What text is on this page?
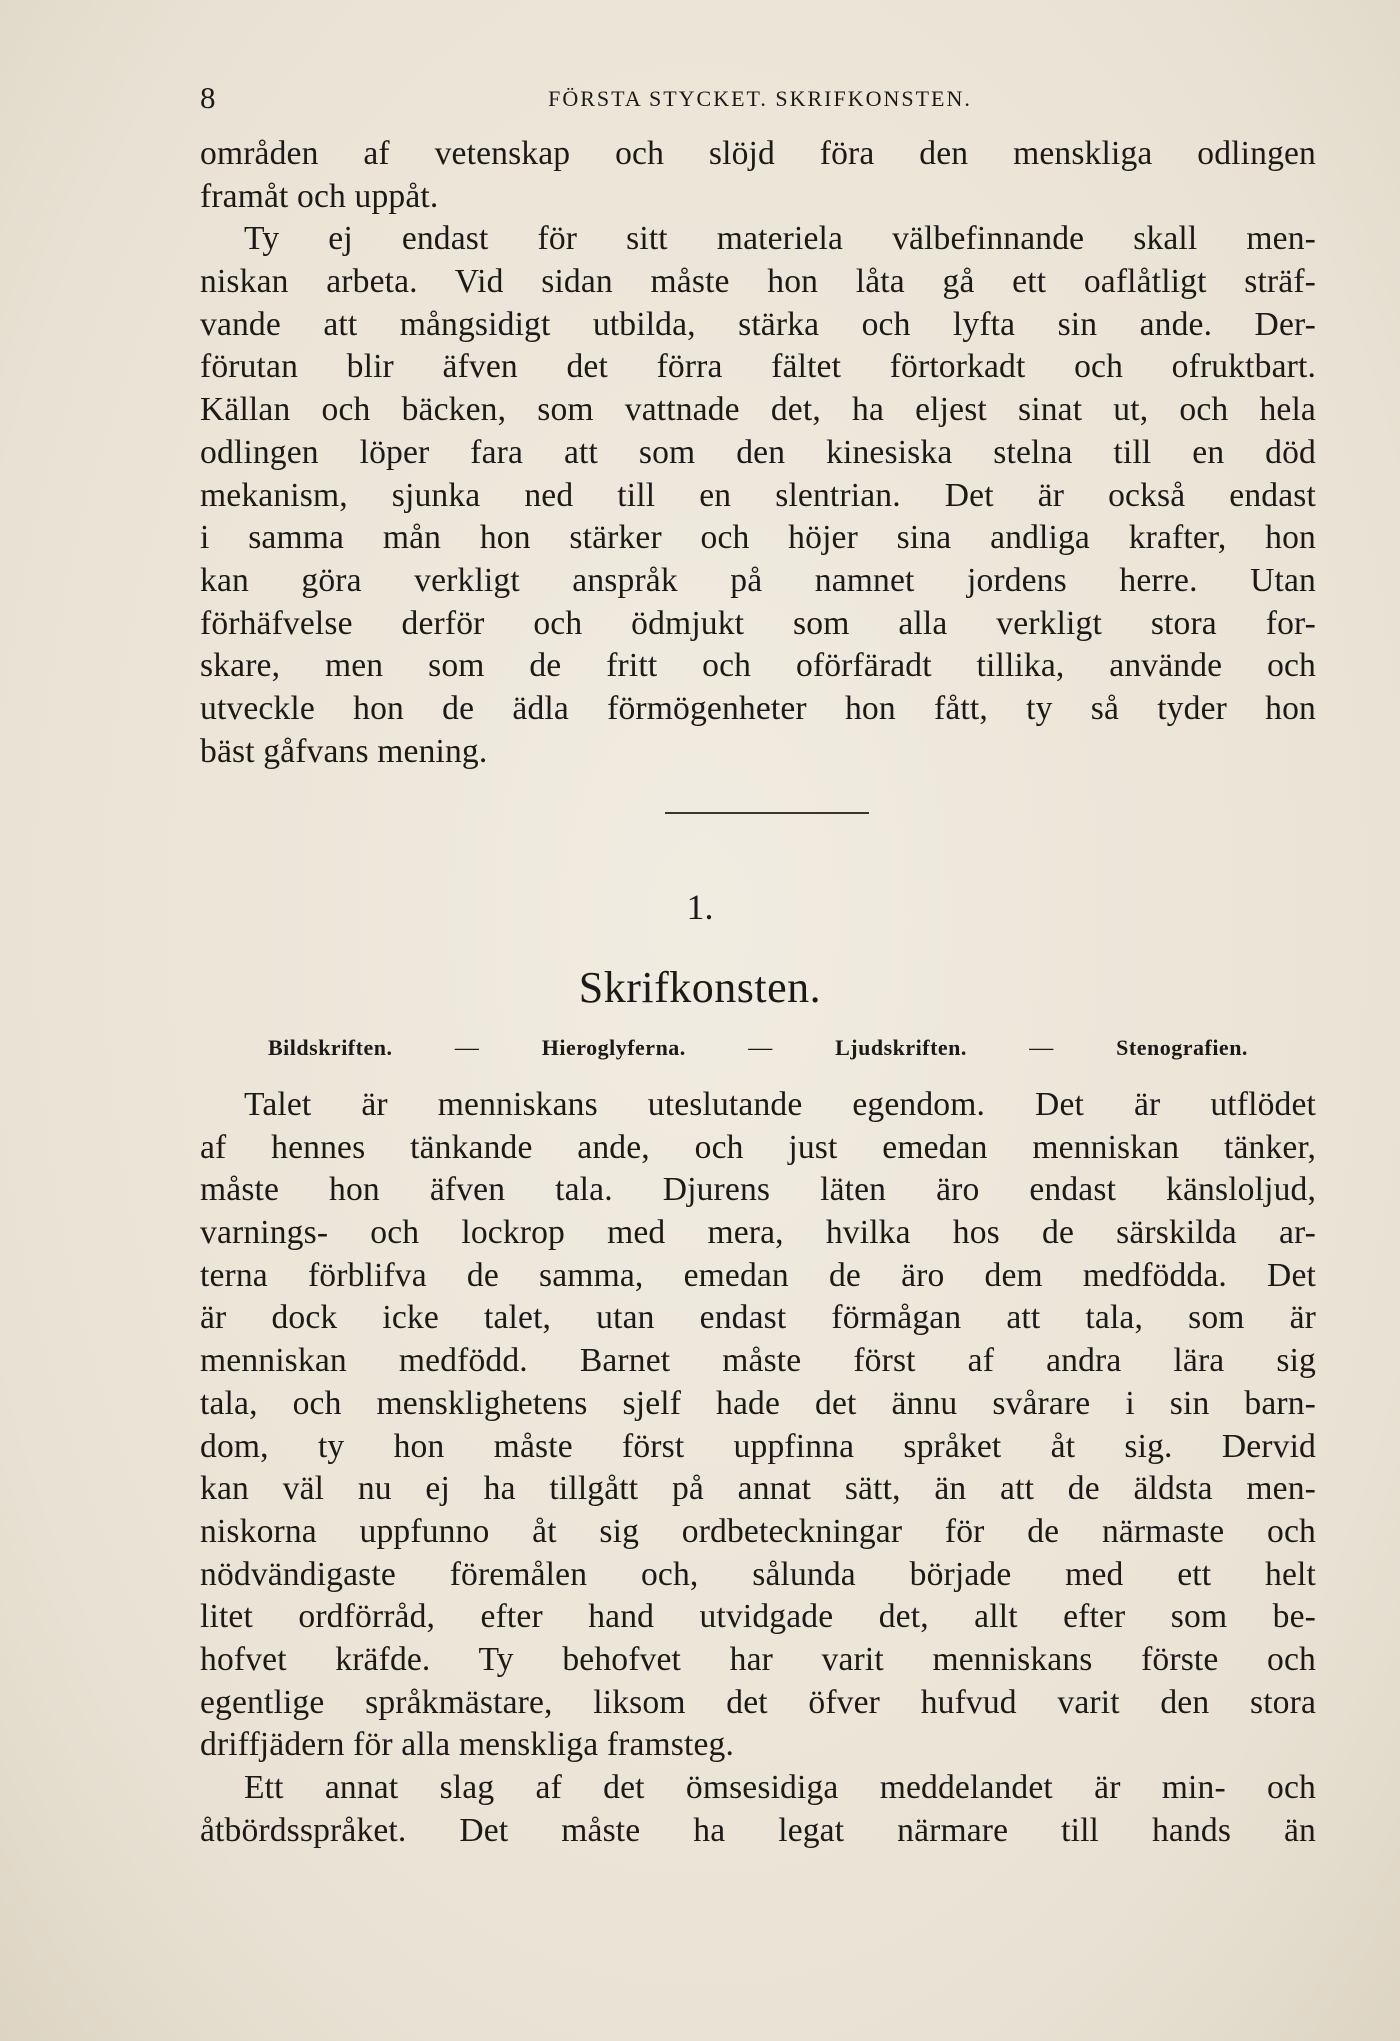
8	FÖRSTA STYCKET. SKRIFKONSTEN.
områden af vetenskap och slöjd föra den menskliga odlingen
framåt och uppåt.
Ty ej endast för sitt materiela välbefinnande skall men-
niskan arbeta. Vid sidan måste hon låta gå ett oaflåtligt sträf-
vande att mångsidigt utbilda, stärka och lyfta sin ande. Der-
förutan blir äfven det förra fältet förtorkadt och ofruktbart.
Källan och bäcken, som vattnade det, ha eljest sinat ut, och hela
odlingen löper fara att som den kinesiska stelna till en död
mekanism, sjunka ned till en slentrian. Det är också endast
i samma mån hon stärker och höjer sina andliga krafter, hon
kan göra verkligt anspråk på namnet jordens herre. Utan
förhäfvelse derför och ödmjukt som alla verkligt stora for-
skare, men som de fritt och oförfäradt tillika, använde och
utveckle hon de ädla förmögenheter hon fått, ty så tyder hon
bäst gåfvans mening.
1.
Skrifkonsten.
Bildskriften.	—	Hieroglyferna.	—	Ljudskriften.	—	Stenografien.
Talet är menniskans uteslutande egendom. Det är utflödet
af hennes tänkande ande, och just emedan menniskan tänker,
måste hon äfven tala. Djurens läten äro endast känsloljud,
varnings- och lockrop med mera, hvilka hos de särskilda ar-
terna förblifva de samma, emedan de äro dem medfödda. Det
är dock icke talet, utan endast förmågan att tala, som är
menniskan medfödd. Barnet måste först af andra lära sig
tala, och mensklighetens sjelf hade det ännu svårare i sin barn-
dom, ty hon måste först uppfinna språket åt sig. Dervid
kan väl nu ej ha tillgått på annat sätt, än att de äldsta men-
niskorna uppfunno åt sig ordbeteckningar för de närmaste och
nödvändigaste föremålen och, sålunda började med ett helt
litet ordförråd, efter hand utvidgade det, allt efter som be-
hofvet kräfde. Ty behofvet har varit menniskans förste och
egentlige språkmästare, liksom det öfver hufvud varit den stora
driffjädern för alla menskliga framsteg.
Ett annat slag af det ömsesidiga meddelandet är min- och
åtbördsspråket. Det måste ha legat närmare till hands än
